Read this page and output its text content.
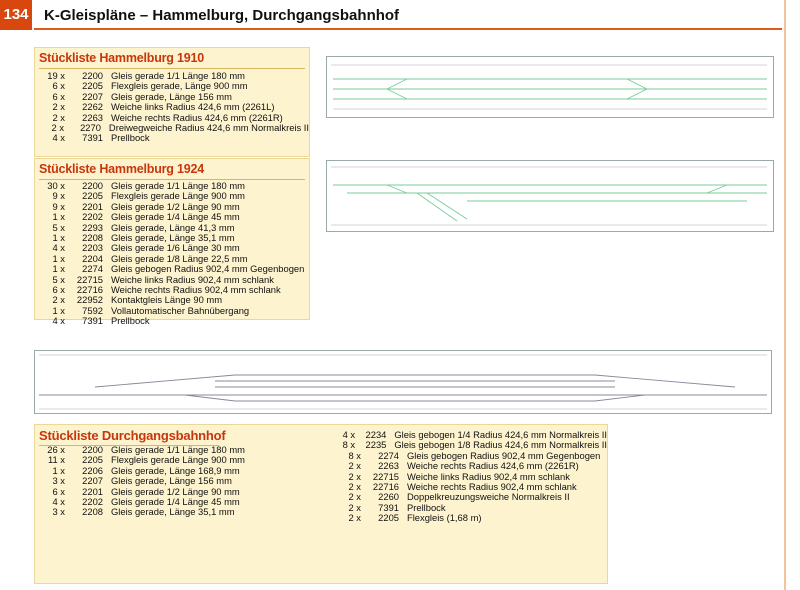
134 K-Gleispläne – Hammelburg, Durchgangsbahnhof
Stückliste Hammelburg 1910
19 x	2200 Gleis gerade 1/1 Länge 180 mm
6 x	2205 Flexgleis gerade, Länge 900 mm
6 x	2207 Gleis gerade, Länge 156 mm
2 x	2262 Weiche links Radius 424,6 mm (2261L)
2 x	2263 Weiche rechts Radius 424,6 mm (2261R)
2 x	2270 Dreiwegweiche Radius 424,6 mm Normalkreis II
4 x	7391 Prellbock
Stückliste Hammelburg 1924
30 x	2200 Gleis gerade 1/1 Länge 180 mm
9 x	2205 Flexgleis gerade Länge 900 mm
9 x	2201 Gleis gerade 1/2 Länge 90 mm
1 x	2202 Gleis gerade 1/4 Länge 45 mm
5 x	2293 Gleis gerade, Länge 41,3 mm
1 x	2208 Gleis gerade, Länge 35,1 mm
4 x	2203 Gleis gerade 1/6 Länge 30 mm
1 x	2204 Gleis gerade 1/8 Länge 22,5 mm
1 x	2274 Gleis gebogen Radius 902,4 mm Gegenbogen
5 x	22715 Weiche links Radius 902,4 mm schlank
6 x	22716 Weiche rechts Radius 902,4 mm schlank
2 x	22952 Kontaktgleis Länge 90 mm
1 x	7592 Vollautomatischer Bahnübergang
4 x	7391 Prellbock
Stückliste Durchgangsbahnhof
26 x	2200 Gleis gerade 1/1 Länge 180 mm
11 x	2205 Flexgleis gerade Länge 900 mm
1 x	2206 Gleis gerade, Länge 168,9 mm
3 x	2207 Gleis gerade, Länge 156 mm
6 x	2201 Gleis gerade 1/2 Länge 90 mm
4 x	2202 Gleis gerade 1/4 Länge 45 mm
3 x	2208 Gleis gerade, Länge 35,1 mm
4 x	2234 Gleis gebogen 1/4 Radius 424,6 mm Normalkreis II
8 x	2235 Gleis gebogen 1/8 Radius 424,6 mm Normalkreis II
8 x	2274 Gleis gebogen Radius 902,4 mm Gegenbogen
2 x	2263 Weiche rechts Radius 424,6 mm (2261R)
2 x	22715 Weiche links Radius 902,4 mm schlank
2 x	22716 Weiche rechts Radius 902,4 mm schlank
2 x	2260 Doppelkreuzungsweiche Normalkreis II
2 x	7391 Prellbock
2 x	2205 Flexgleis (1,68 m)
